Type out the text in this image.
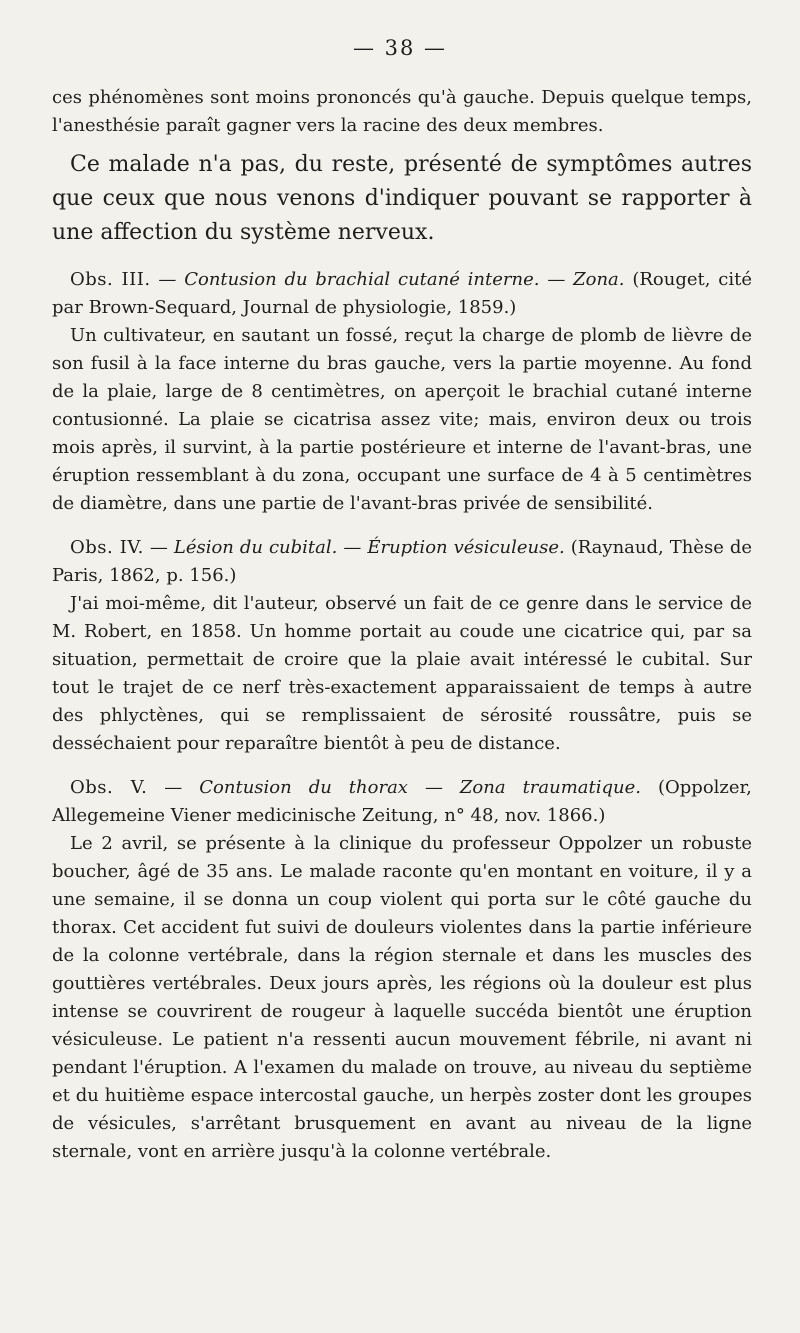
— 38 —

ces phénomènes sont moins prononcés qu'à gauche. Depuis quelque temps, l'anesthésie paraît gagner vers la racine des deux membres.

Ce malade n'a pas, du reste, présenté de symptômes autres que ceux que nous venons d'indiquer pouvant se rapporter à une affection du système nerveux.

Obs. III. — Contusion du brachial cutané interne. — Zona. (Rouget, cité par Brown-Sequard, Journal de physiologie, 1859.)

Un cultivateur, en sautant un fossé, reçut la charge de plomb de lièvre de son fusil à la face interne du bras gauche, vers la partie moyenne. Au fond de la plaie, large de 8 centimètres, on aperçoit le brachial cutané interne contusionné. La plaie se cicatrisa assez vite; mais, environ deux ou trois mois après, il survint, à la partie postérieure et interne de l'avant-bras, une éruption ressemblant à du zona, occupant une surface de 4 à 5 centimètres de diamètre, dans une partie de l'avant-bras privée de sensibilité.

Obs. IV. — Lésion du cubital. — Éruption vésiculeuse. (Raynaud, Thèse de Paris, 1862, p. 156.)

J'ai moi-même, dit l'auteur, observé un fait de ce genre dans le service de M. Robert, en 1858. Un homme portait au coude une cicatrice qui, par sa situation, permettait de croire que la plaie avait intéressé le cubital. Sur tout le trajet de ce nerf très-exactement apparaissaient de temps à autre des phlyctènes, qui se remplissaient de sérosité roussâtre, puis se desséchaient pour reparaître bientôt à peu de distance.

Obs. V. — Contusion du thorax — Zona traumatique. (Oppolzer, Allegemeine Viener medicinische Zeitung, n° 48, nov. 1866.)

Le 2 avril, se présente à la clinique du professeur Oppolzer un robuste boucher, âgé de 35 ans. Le malade raconte qu'en montant en voiture, il y a une semaine, il se donna un coup violent qui porta sur le côté gauche du thorax. Cet accident fut suivi de douleurs violentes dans la partie inférieure de la colonne vertébrale, dans la région sternale et dans les muscles des gouttières vertébrales. Deux jours après, les régions où la douleur est plus intense se couvrirent de rougeur à laquelle succéda bientôt une éruption vésiculeuse. Le patient n'a ressenti aucun mouvement fébrile, ni avant ni pendant l'éruption. A l'examen du malade on trouve, au niveau du septième et du huitième espace intercostal gauche, un herpès zoster dont les groupes de vésicules, s'arrêtant brusquement en avant au niveau de la ligne sternale, vont en arrière jusqu'à la colonne vertébrale.
